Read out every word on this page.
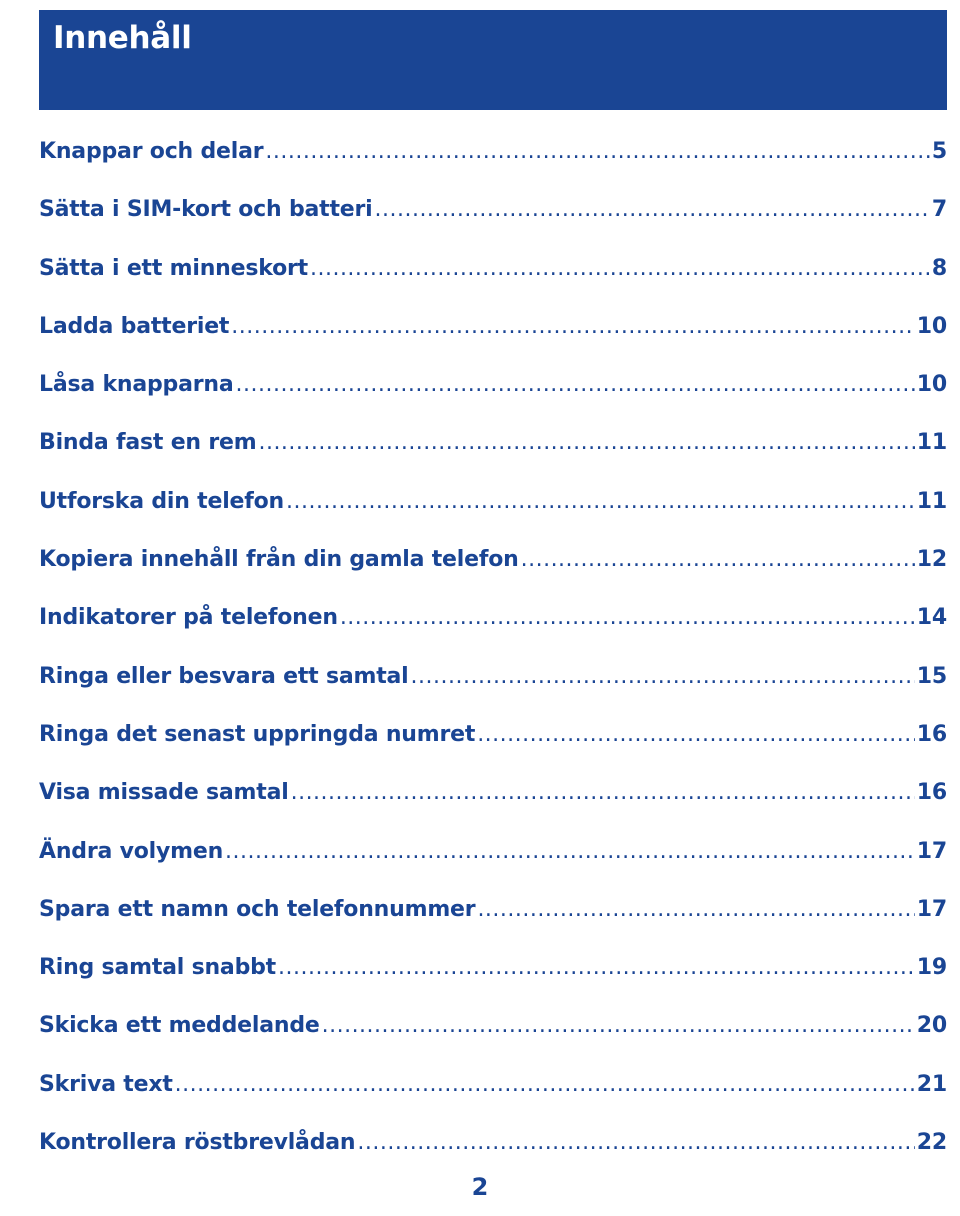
Innehåll
Knappar och delar .....	5
Sätta i SIM-kort och batteri .....	7
Sätta i ett minneskort .....	8
Ladda batteriet .....	10
Låsa knapparna .....	10
Binda fast en rem .....	11
Utforska din telefon .....	11
Kopiera innehåll från din gamla telefon .....	12
Indikatorer på telefonen .....	14
Ringa eller besvara ett samtal .....	15
Ringa det senast uppringda numret .....	16
Visa missade samtal .....	16
Ändra volymen .....	17
Spara ett namn och telefonnummer .....	17
Ring samtal snabbt .....	19
Skicka ett meddelande .....	20
Skriva text .....	21
Kontrollera röstbrevlådan .....	22
2
